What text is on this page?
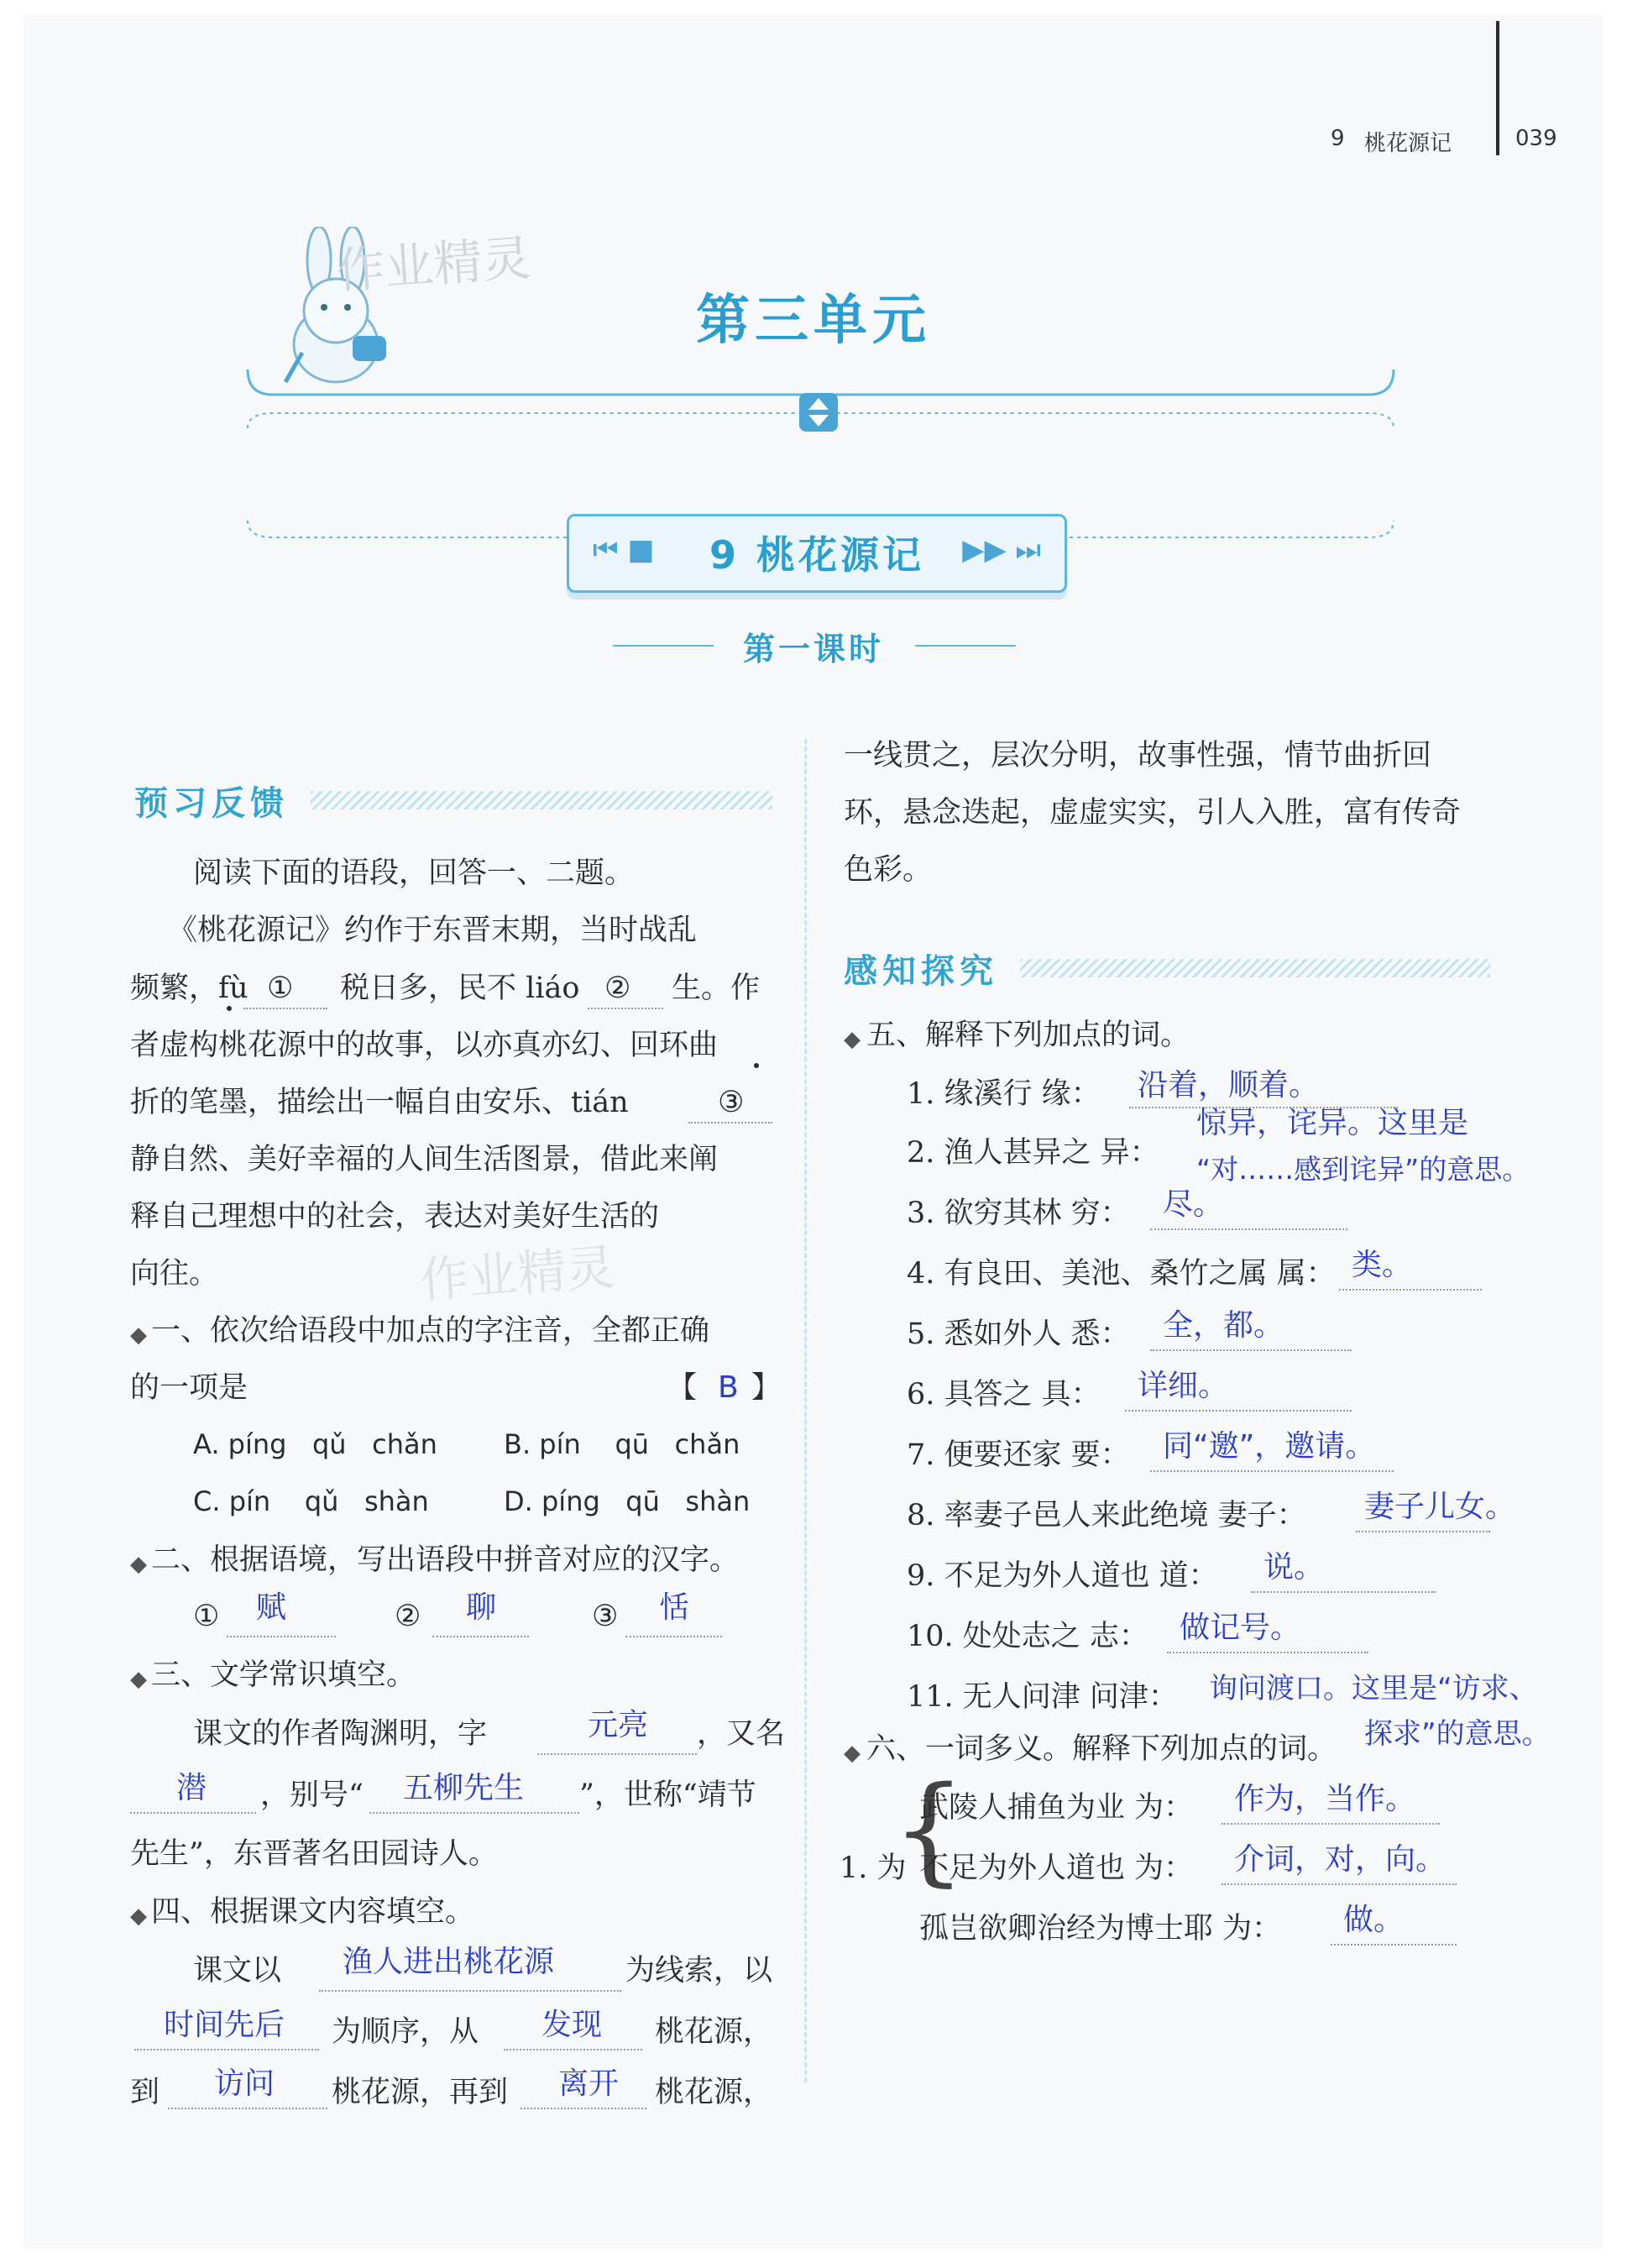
9 桃花源记	039
作业精灵
作业精灵
第三单元
⏮ ■	9 桃花源记	▶▶ ⏭
第一课时
预习反馈
阅读下面的语段，回答一、二题。
《桃花源记》约作于东晋末期，当时战乱
频繁，fù ① 税日多，民不 liáo ② 生。作
者虚构桃花源中的故事，以亦真亦幻、回环曲
折的笔墨，描绘出一幅自由安乐、tián	③
静自然、美好幸福的人间生活图景，借此来阐
释自己理想中的社会，表达对美好生活的
向往。
◆ 一、依次给语段中加点的字注音，全都正确
的一项是	【 B 】
A. píng   qǔ   chǎn B. pín    qū   chǎn
C. pín    qǔ   shàn	D. píng   qū   shàn
◆ 二、根据语境，写出语段中拼音对应的汉字。
① 赋	② 聊	③ 恬
◆ 三、文学常识填空。
课文的作者陶渊明，字	元亮 ，又名
潜 ，别号“ 五柳先生 ”，世称“靖节
先生”，东晋著名田园诗人。
◆ 四、根据课文内容填空。
课文以 渔人进出桃花源 为线索，以
时间先后 为顺序，从 发现 桃花源，
到 访问 桃花源，再到 离开 桃花源，
一线贯之，层次分明，故事性强，情节曲折回
环，悬念迭起，虚虚实实，引人入胜，富有传奇
色彩。
感知探究
◆ 五、解释下列加点的词。
1. 缘溪行 缘： 沿着，顺着。
2. 渔人甚异之 异：
惊异，诧异。这里是
“对……感到诧异”的意思。
3. 欲穷其林 穷： 尽。
4. 有良田、美池、桑竹之属 属： 类。
5. 悉如外人 悉： 全，都。
6. 具答之 具： 详细。
7. 便要还家 要： 同“邀”，邀请。
8. 率妻子邑人来此绝境 妻子： 妻子儿女。
9. 不足为外人道也 道： 说。
10. 处处志之 志： 做记号。
11. 无人问津 问津： 询问渡口。这里是“访求、
探求”的意思。
◆ 六、一词多义。解释下列加点的词。
1. 为
{
武陵人捕鱼为业 为： 作为，当作。
不足为外人道也 为： 介词，对，向。
孤岂欲卿治经为博士耶 为： 做。
